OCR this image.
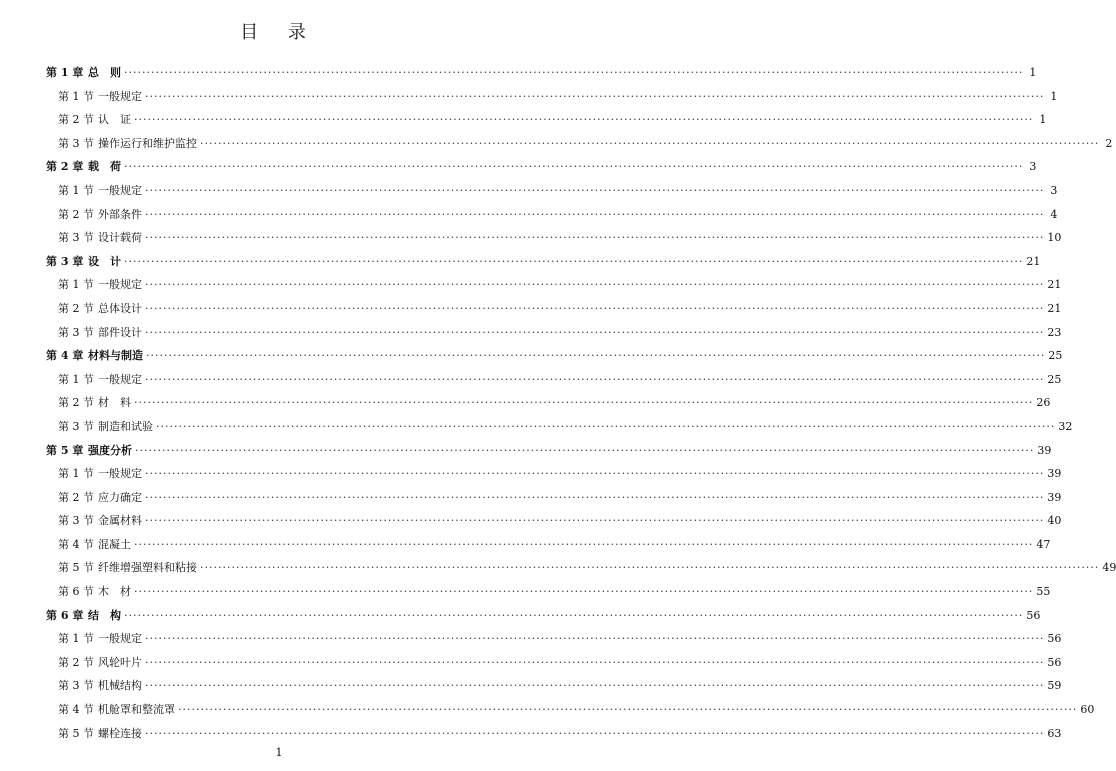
目 录
第 1 章 总　则 ········································································································································································································ 1
第 1 节 一般规定 ········································································································································································································ 1
第 2 节 认　证 ········································································································································································································ 1
第 3 节 操作运行和维护监控 ········································································································································································································ 2
第 2 章 载　荷 ········································································································································································································ 3
第 1 节 一般规定 ········································································································································································································ 3
第 2 节 外部条件 ········································································································································································································ 4
第 3 节 设计载荷 ········································································································································································································ 10
第 3 章 设　计 ········································································································································································································ 21
第 1 节 一般规定 ········································································································································································································ 21
第 2 节 总体设计 ········································································································································································································ 21
第 3 节 部件设计 ········································································································································································································ 23
第 4 章 材料与制造 ········································································································································································································ 25
第 1 节 一般规定 ········································································································································································································ 25
第 2 节 材　料 ········································································································································································································ 26
第 3 节 制造和试验 ········································································································································································································ 32
第 5 章 强度分析 ········································································································································································································ 39
第 1 节 一般规定 ········································································································································································································ 39
第 2 节 应力确定 ········································································································································································································ 39
第 3 节 金属材料 ········································································································································································································ 40
第 4 节 混凝土 ········································································································································································································ 47
第 5 节 纤维增强塑料和粘接 ········································································································································································································ 49
第 6 节 木　材 ········································································································································································································ 55
第 6 章 结　构 ········································································································································································································ 56
第 1 节 一般规定 ········································································································································································································ 56
第 2 节 风轮叶片 ········································································································································································································ 56
第 3 节 机械结构 ········································································································································································································ 59
第 4 节 机舱罩和整流罩 ········································································································································································································ 60
第 5 节 螺栓连接 ········································································································································································································ 63
1
